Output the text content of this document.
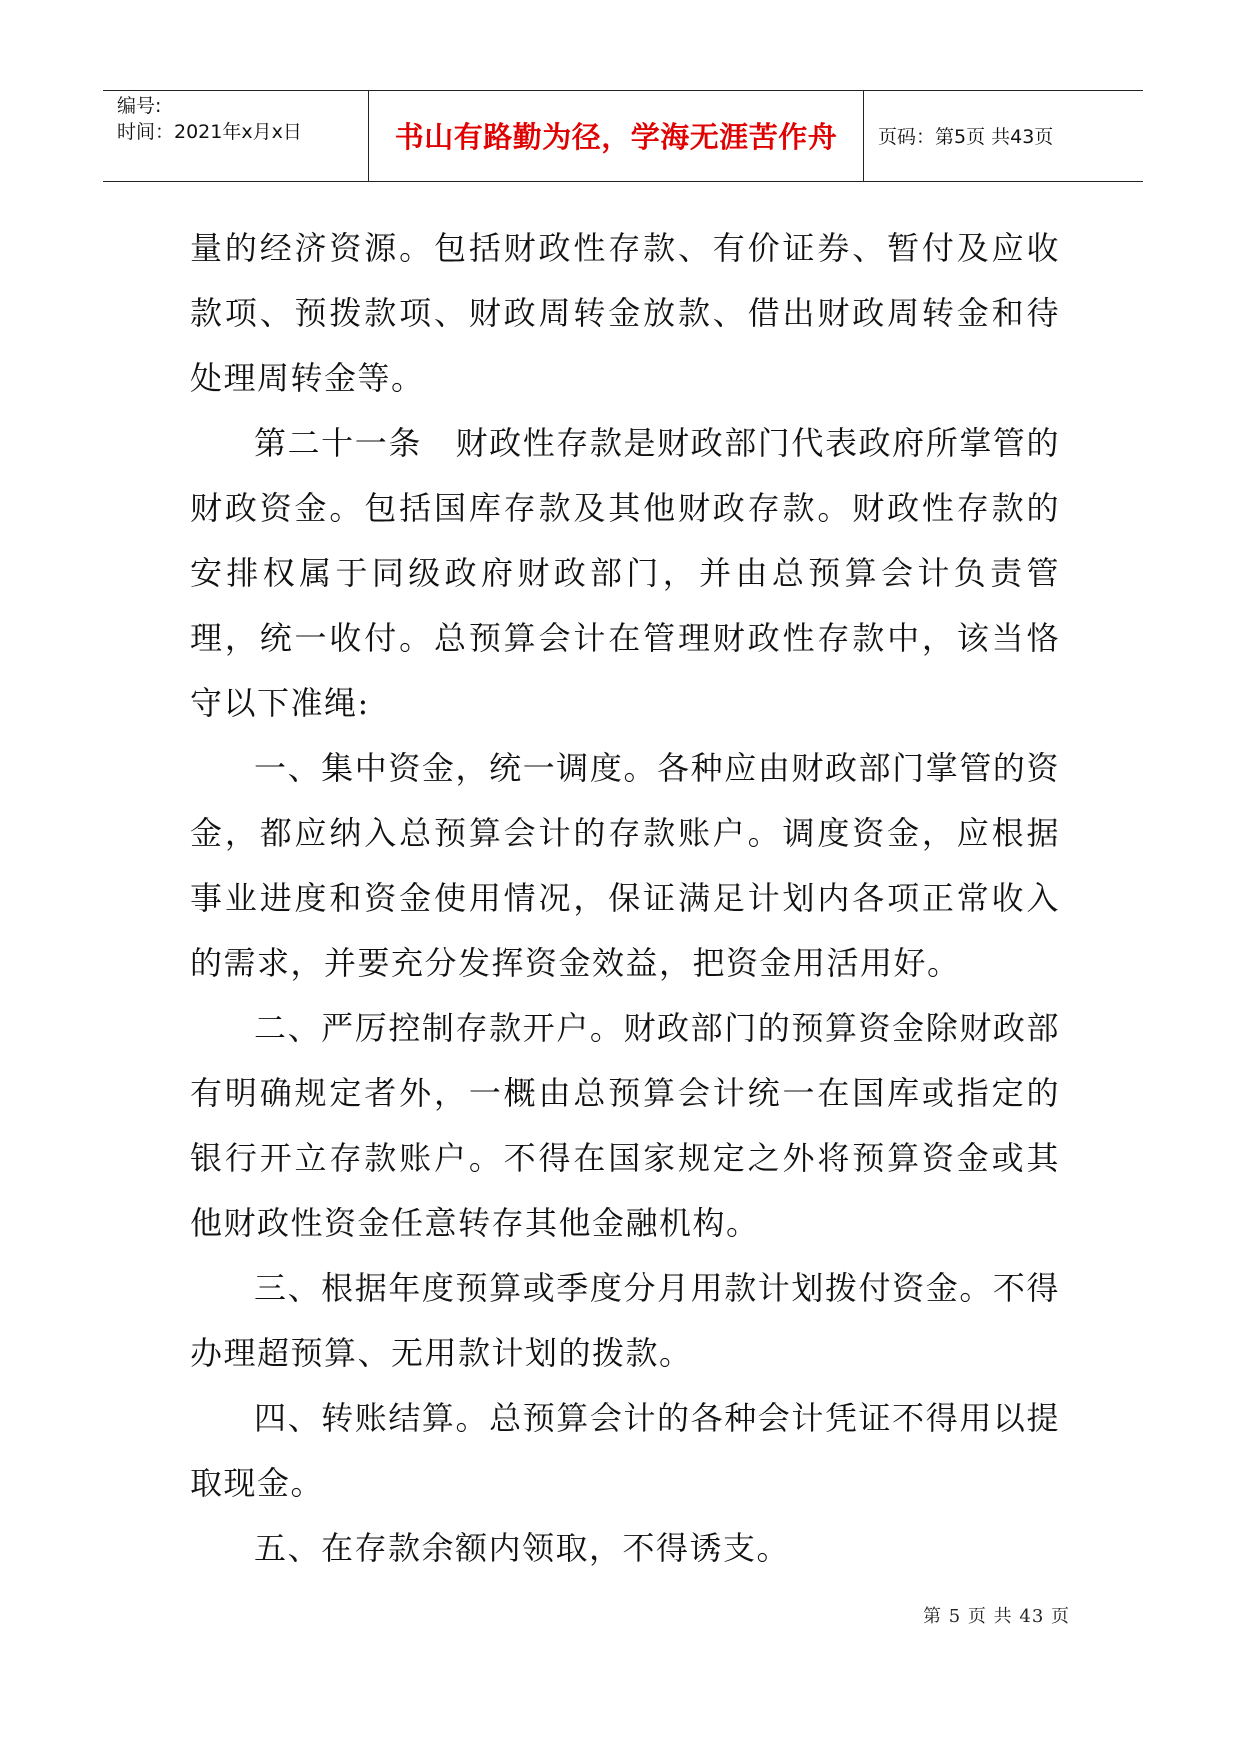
编号:
时间：2021年x月x日	书山有路勤为径，学海无涯苦作舟	页码：第5页 共43页

量的经济资源。包括财政性存款、有价证券、暂付及应收款项、预拨款项、财政周转金放款、借出财政周转金和待处理周转金等。

第二十一条　财政性存款是财政部门代表政府所掌管的财政资金。包括国库存款及其他财政存款。财政性存款的安排权属于同级政府财政部门，并由总预算会计负责管理，统一收付。总预算会计在管理财政性存款中，该当恪守以下准绳:

一、集中资金，统一调度。各种应由财政部门掌管的资金，都应纳入总预算会计的存款账户。调度资金，应根据事业进度和资金使用情况，保证满足计划内各项正常收入的需求，并要充分发挥资金效益，把资金用活用好。

二、严厉控制存款开户。财政部门的预算资金除财政部有明确规定者外，一概由总预算会计统一在国库或指定的银行开立存款账户。不得在国家规定之外将预算资金或其他财政性资金任意转存其他金融机构。

三、根据年度预算或季度分月用款计划拨付资金。不得办理超预算、无用款计划的拨款。

四、转账结算。总预算会计的各种会计凭证不得用以提取现金。

五、在存款余额内领取，不得诱支。

第 5 页 共 43 页
